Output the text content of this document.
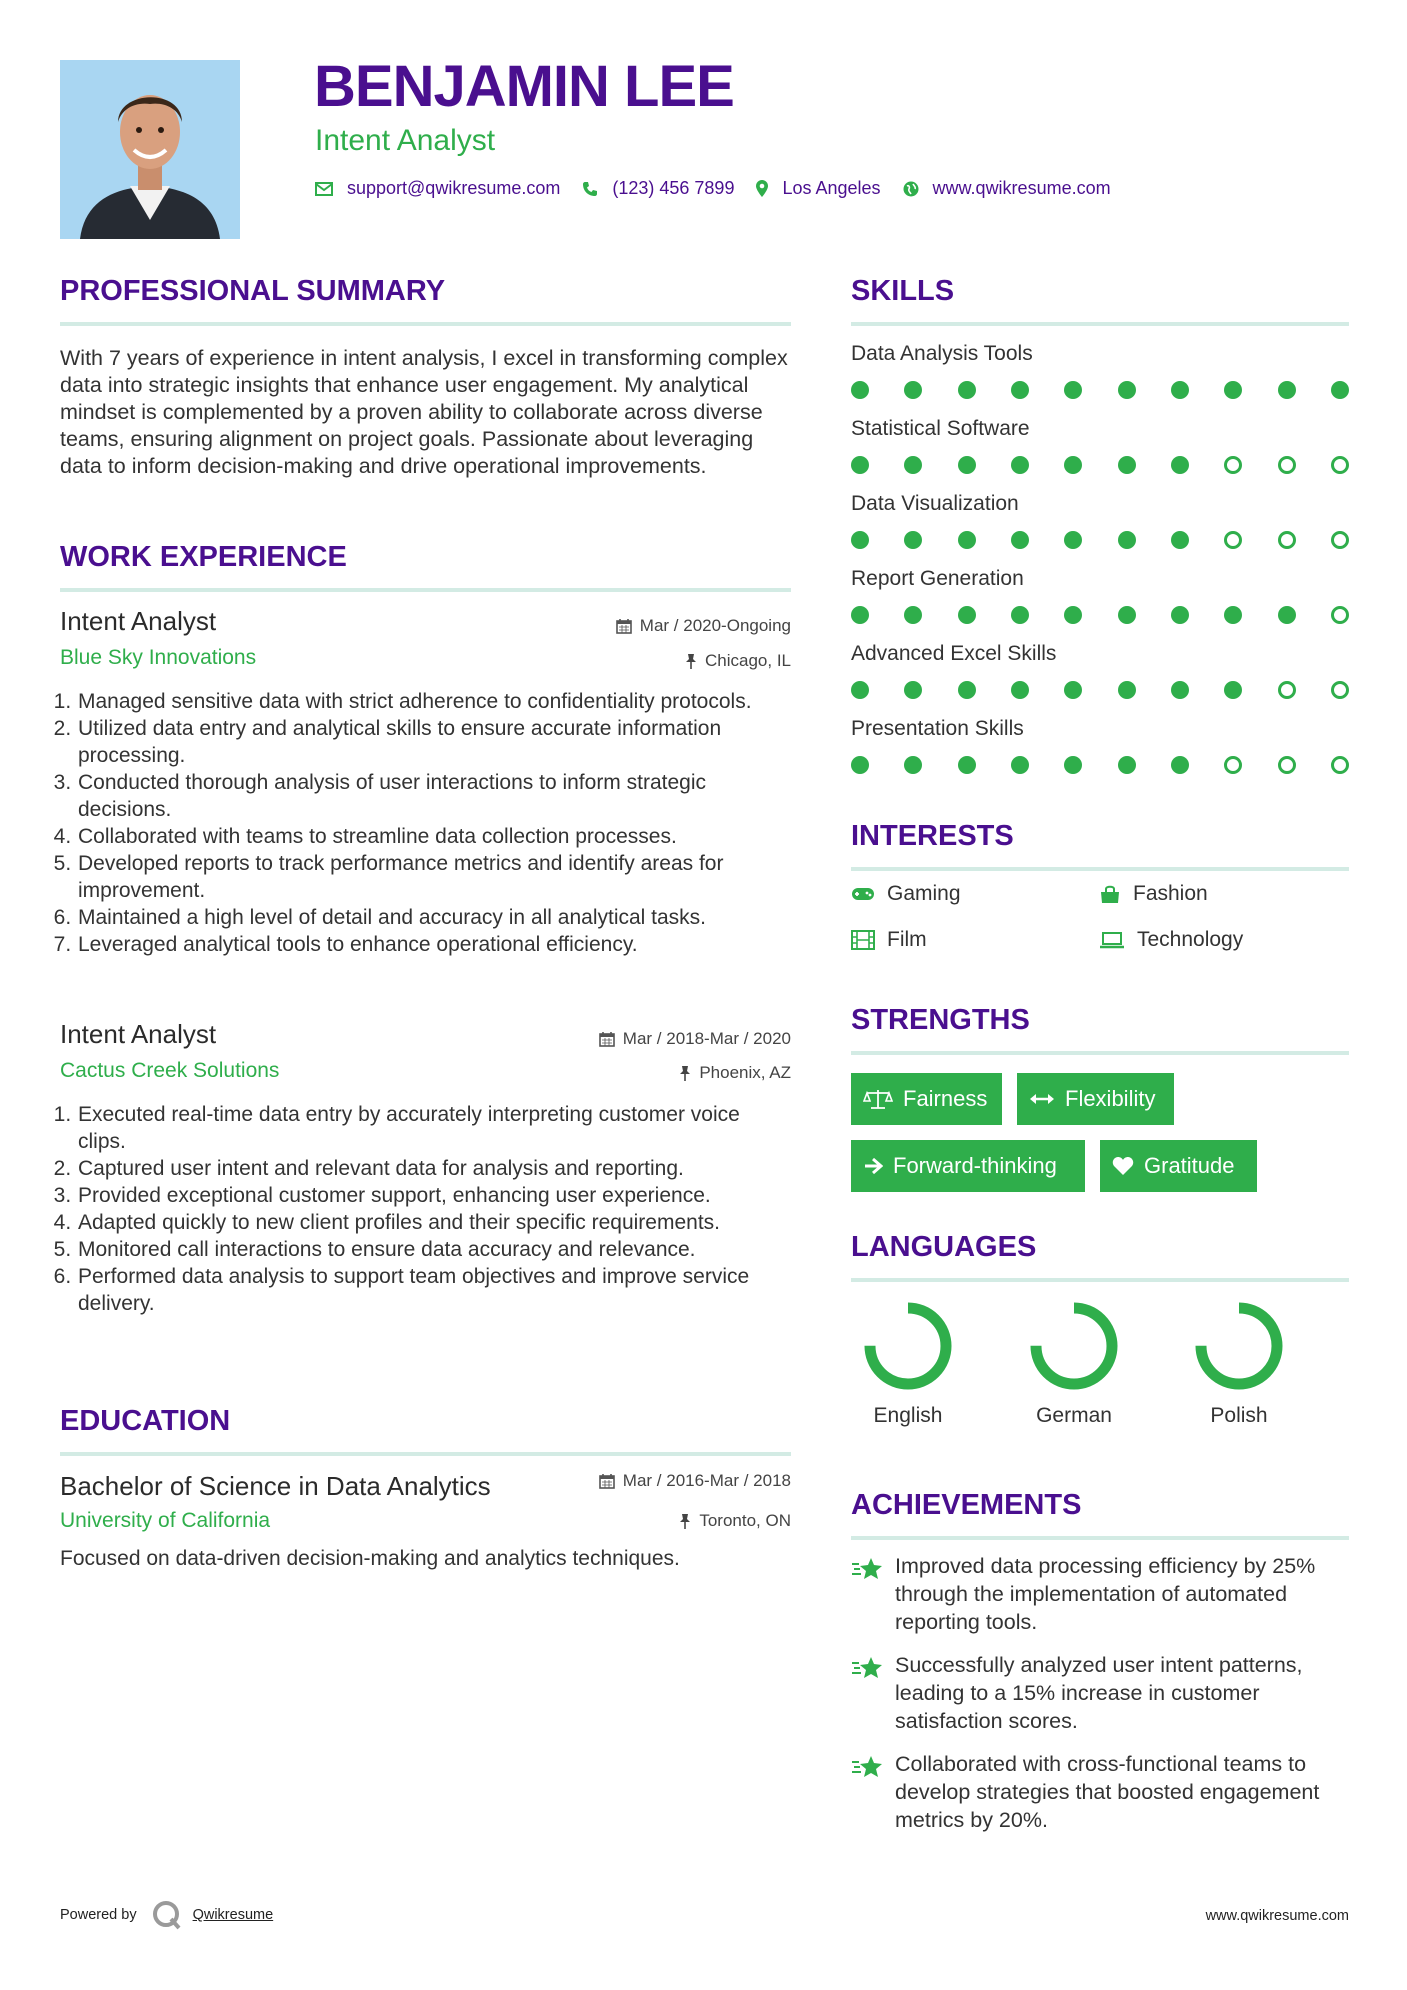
BENJAMIN LEE
Intent Analyst
support@qwikresume.com	(123) 456 7899	Los Angeles	www.qwikresume.com
PROFESSIONAL SUMMARY
With 7 years of experience in intent analysis, I excel in transforming complex data into strategic insights that enhance user engagement. My analytical mindset is complemented by a proven ability to collaborate across diverse teams, ensuring alignment on project goals. Passionate about leveraging data to inform decision-making and drive operational improvements.
WORK EXPERIENCE
Intent Analyst
Blue Sky Innovations
Mar / 2020-Ongoing
Chicago, IL
1. Managed sensitive data with strict adherence to confidentiality protocols.
2. Utilized data entry and analytical skills to ensure accurate information processing.
3. Conducted thorough analysis of user interactions to inform strategic decisions.
4. Collaborated with teams to streamline data collection processes.
5. Developed reports to track performance metrics and identify areas for improvement.
6. Maintained a high level of detail and accuracy in all analytical tasks.
7. Leveraged analytical tools to enhance operational efficiency.
Intent Analyst
Cactus Creek Solutions
Mar / 2018-Mar / 2020
Phoenix, AZ
1. Executed real-time data entry by accurately interpreting customer voice clips.
2. Captured user intent and relevant data for analysis and reporting.
3. Provided exceptional customer support, enhancing user experience.
4. Adapted quickly to new client profiles and their specific requirements.
5. Monitored call interactions to ensure data accuracy and relevance.
6. Performed data analysis to support team objectives and improve service delivery.
EDUCATION
Bachelor of Science in Data Analytics
University of California
Mar / 2016-Mar / 2018
Toronto, ON
Focused on data-driven decision-making and analytics techniques.
SKILLS
Data Analysis Tools
Statistical Software
Data Visualization
Report Generation
Advanced Excel Skills
Presentation Skills
INTERESTS
Gaming	Fashion
Film	Technology
STRENGTHS
Fairness	Flexibility
Forward-thinking	Gratitude
LANGUAGES
English	German	Polish
ACHIEVEMENTS
Improved data processing efficiency by 25% through the implementation of automated reporting tools.
Successfully analyzed user intent patterns, leading to a 15% increase in customer satisfaction scores.
Collaborated with cross-functional teams to develop strategies that boosted engagement metrics by 20%.
Powered by	Qwikresume	www.qwikresume.com
